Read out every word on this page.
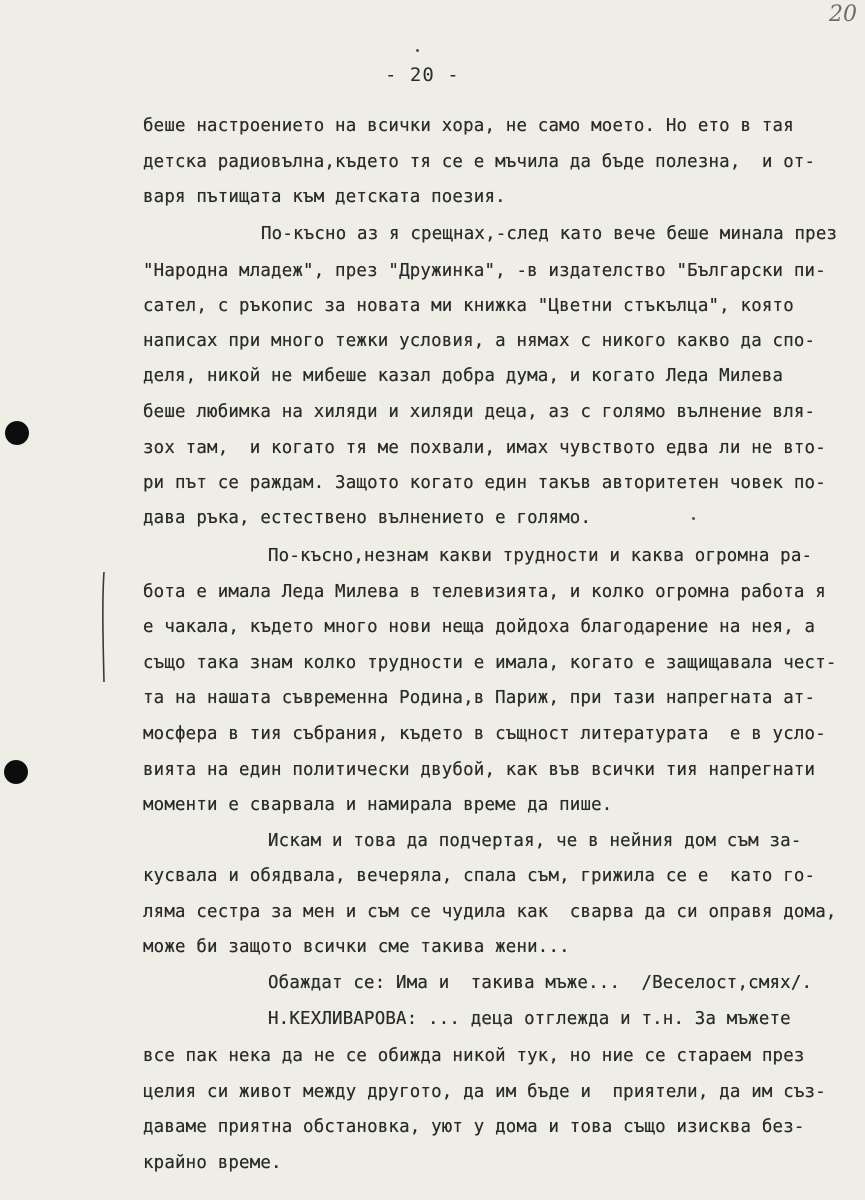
20
- 20 -
беше настроението на всички хора, не само моето. Но ето в тая
детска радиовълна,където тя се е мъчила да бъде полезна,  и от-
варя пътищата към детската поезия.
По-късно аз я срещнах,-след като вече беше минала през
"Народна младеж", през "Дружинка", -в издателство "Български пи-
сател, с ръкопис за новата ми книжка "Цветни стъкълца", която
написах при много тежки условия, а нямах с никого какво да спо-
деля, никой не мибеше казал добра дума, и когато Леда Милева
беше любимка на хиляди и хиляди деца, аз с голямо вълнение вля-
зох там,  и когато тя ме похвали, имах чувството едва ли не вто-
ри път се раждам. Защото когато един такъв авторитетен човек по-
дава ръка, естествено вълнението е голямо.
По-късно,незнам какви трудности и каква огромна ра-
бота е имала Леда Милева в телевизията, и колко огромна работа я
е чакала, където много нови неща дойдоха благодарение на нея, а
също така знам колко трудности е имала, когато е защищавала чест-
та на нашата съвременна Родина,в Париж, при тази напрегната ат-
мосфера в тия събрания, където в същност литературата  е в усло-
вията на един политически двубой, как във всички тия напрегнати
моменти е сварвала и намирала време да пише.
Искам и това да подчертая, че в нейния дом съм за-
кусвала и обядвала, вечеряла, спала съм, грижила се е  като го-
ляма сестра за мен и съм се чудила как  сварва да си оправя дома,
може би защото всички сме такива жени...
Обаждат се: Има и  такива мъже...  /Веселост,смях/.
Н.КЕХЛИВАРОВА: ... деца отглежда и т.н. За мъжете
все пак нека да не се обижда никой тук, но ние се стараем през
целия си живот между другото, да им бъде и  приятели, да им съз-
даваме приятна обстановка, уют у дома и това също изисква без-
крайно време.
